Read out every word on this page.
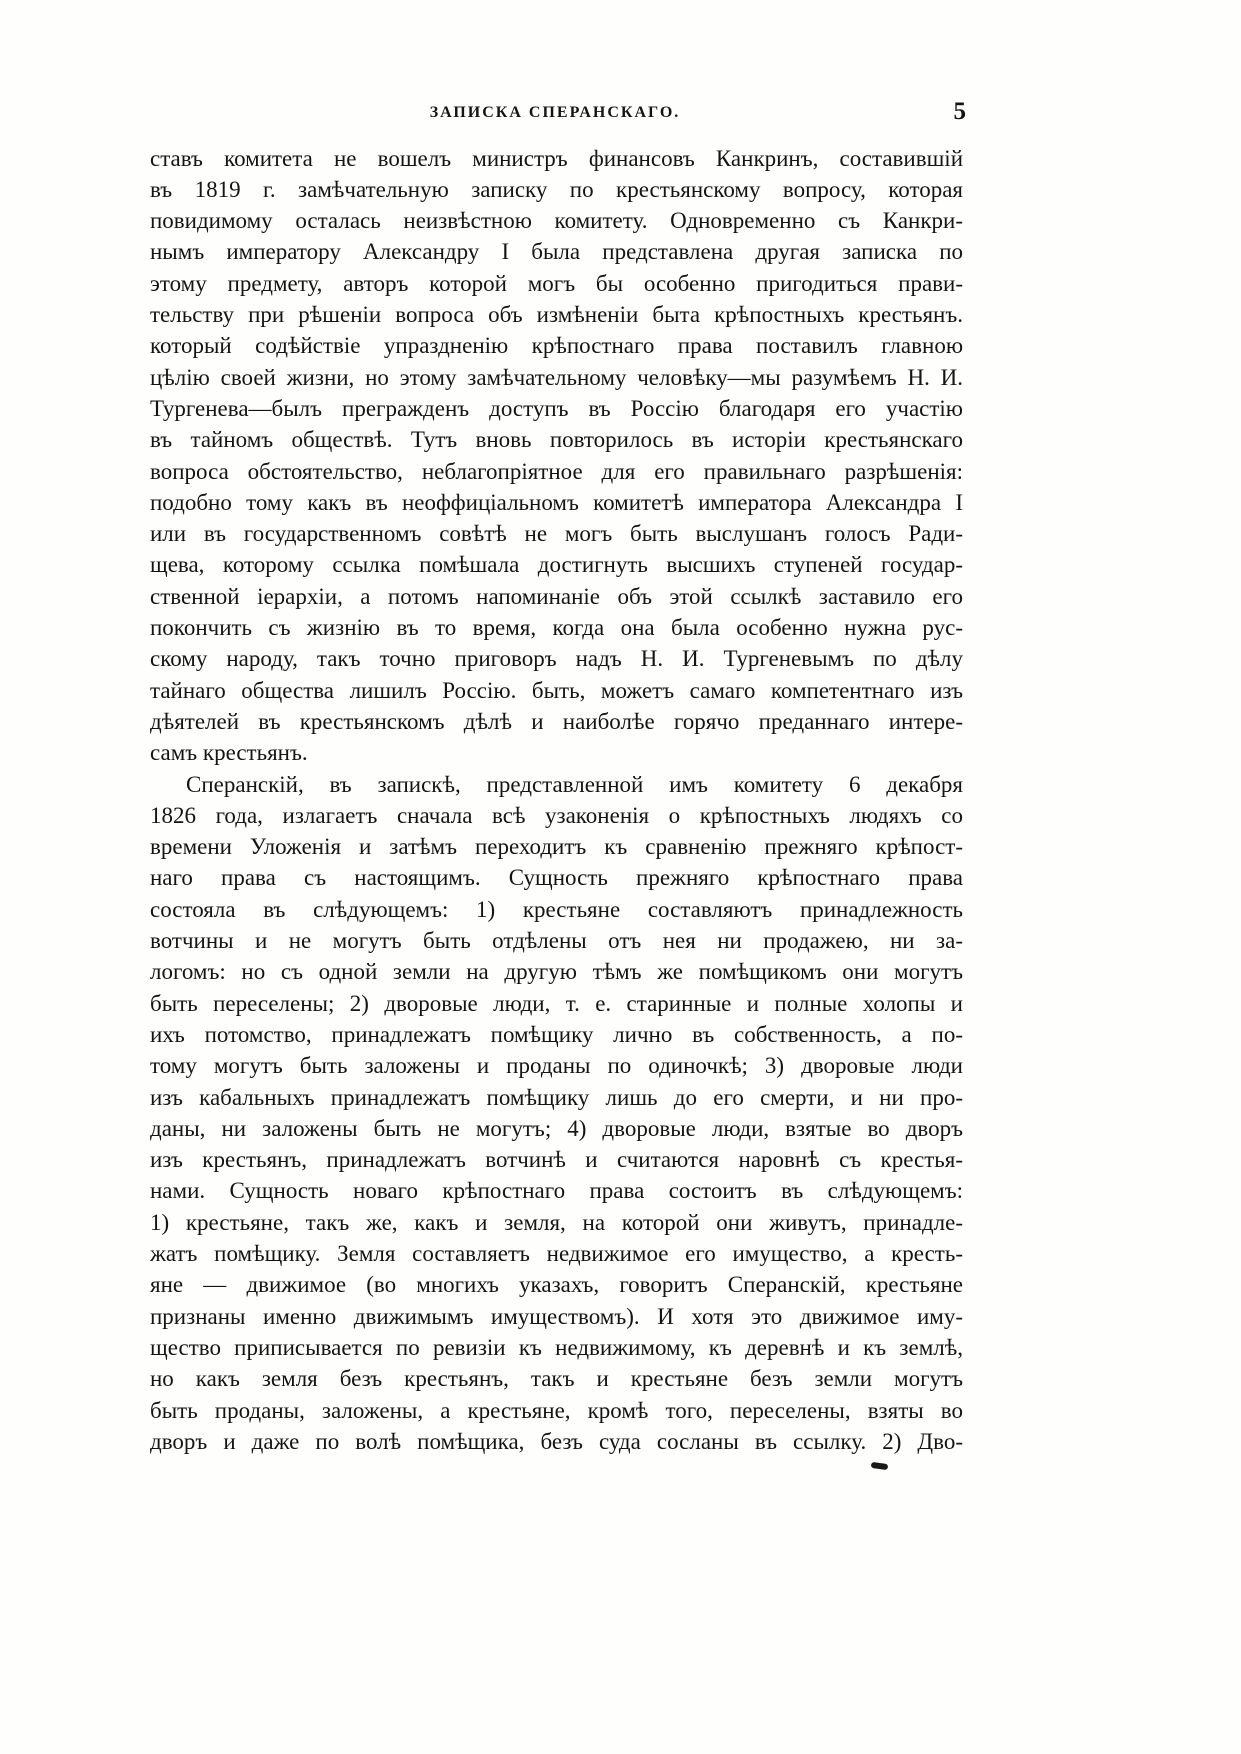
ЗАПИСКА СПЕРАНСКАГО.	5
ставъ комитета не вошелъ министръ финансовъ Канкринъ, составившій
въ 1819 г. замѣчательную записку по крестьянскому вопросу, которая
повидимому осталась неизвѣстною комитету. Одновременно съ Канкри-
нымъ императору Александру I была представлена другая записка по
этому предмету, авторъ которой могъ бы особенно пригодиться прави-
тельству при рѣшеніи вопроса объ измѣненіи быта крѣпостныхъ крестьянъ.
который содѣйствіе упраздненію крѣпостнаго права поставилъ главною
цѣлію своей жизни, но этому замѣчательному человѣку—мы разумѣемъ Н. И.
Тургенева—былъ прегражденъ доступъ въ Россію благодаря его участію
въ тайномъ обществѣ. Тутъ вновь повторилось въ исторіи крестьянскаго
вопроса обстоятельство, неблагопріятное для его правильнаго разрѣшенія:
подобно тому какъ въ неоффиціальномъ комитетѣ императора Александра I
или въ государственномъ совѣтѣ не могъ быть выслушанъ голосъ Ради-
щева, которому ссылка помѣшала достигнуть высшихъ ступеней государ-
ственной іерархіи, а потомъ напоминаніе объ этой ссылкѣ заставило его
покончить съ жизнію въ то время, когда она была особенно нужна рус-
скому народу, такъ точно приговоръ надъ Н. И. Тургеневымъ по дѣлу
тайнаго общества лишилъ Россію. быть, можетъ самаго компетентнаго изъ
дѣятелей въ крестьянскомъ дѣлѣ и наиболѣе горячо преданнаго интере-
самъ крестьянъ.
Сперанскій, въ запискѣ, представленной имъ комитету 6 декабря
1826 года, излагаетъ сначала всѣ узаконенія о крѣпостныхъ людяхъ со
времени Уложенія и затѣмъ переходитъ къ сравненію прежняго крѣпост-
наго права съ настоящимъ. Сущность прежняго крѣпостнаго права
состояла въ слѣдующемъ: 1) крестьяне составляютъ принадлежность
вотчины и не могутъ быть отдѣлены отъ нея ни продажею, ни за-
логомъ: но съ одной земли на другую тѣмъ же помѣщикомъ они могутъ
быть переселены; 2) дворовые люди, т. е. старинные и полные холопы и
ихъ потомство, принадлежатъ помѣщику лично въ собственность, а по-
тому могутъ быть заложены и проданы по одиночкѣ; 3) дворовые люди
изъ кабальныхъ принадлежатъ помѣщику лишь до его смерти, и ни про-
даны, ни заложены быть не могутъ; 4) дворовые люди, взятые во дворъ
изъ крестьянъ, принадлежатъ вотчинѣ и считаются наровнѣ съ крестья-
нами. Сущность новаго крѣпостнаго права состоитъ въ слѣдующемъ:
1) крестьяне, такъ же, какъ и земля, на которой они живутъ, принадле-
жатъ помѣщику. Земля составляетъ недвижимое его имущество, а кресть-
яне — движимое (во многихъ указахъ, говоритъ Сперанскій, крестьяне
признаны именно движимымъ имуществомъ). И хотя это движимое иму-
щество приписывается по ревизіи къ недвижимому, къ деревнѣ и къ землѣ,
но какъ земля безъ крестьянъ, такъ и крестьяне безъ земли могутъ
быть проданы, заложены, а крестьяне, кромѣ того, переселены, взяты во
дворъ и даже по волѣ помѣщика, безъ суда сосланы въ ссылку. 2) Дво-
